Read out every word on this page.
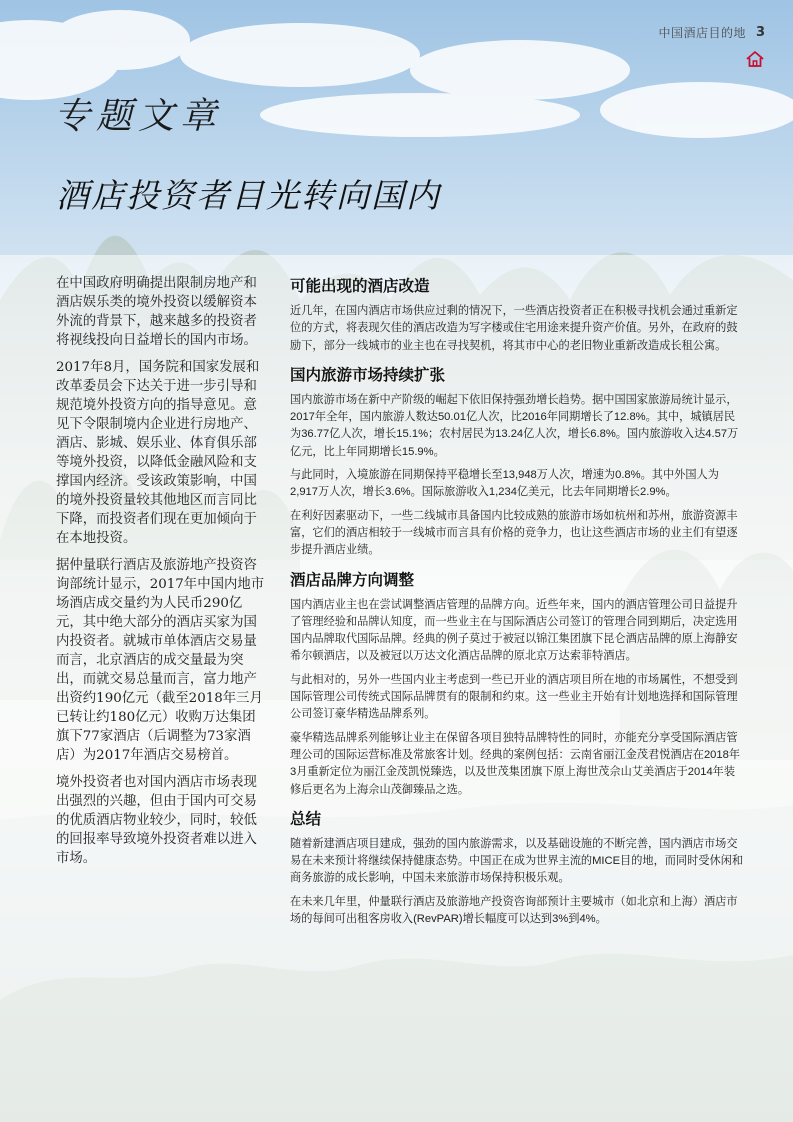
中国酒店目的地 3
专题文章
酒店投资者目光转向国内

在中国政府明确提出限制房地产和酒店娱乐类的境外投资以缓解资本外流的背景下，越来越多的投资者将视线投向日益增长的国内市场。

2017年8月，国务院和国家发展和改革委员会下达关于进一步引导和规范境外投资方向的指导意见。意见下令限制境内企业进行房地产、酒店、影城、娱乐业、体育俱乐部等境外投资，以降低金融风险和支撑国内经济。受该政策影响，中国的境外投资量较其他地区而言同比下降，而投资者们现在更加倾向于在本地投资。

据仲量联行酒店及旅游地产投资咨询部统计显示，2017年中国内地市场酒店成交量约为人民币290亿元，其中绝大部分的酒店买家为国内投资者。就城市单体酒店交易量而言，北京酒店的成交量最为突出，而就交易总量而言，富力地产出资约190亿元（截至2018年三月已转让约180亿元）收购万达集团旗下77家酒店（后调整为73家酒店）为2017年酒店交易榜首。

境外投资者也对国内酒店市场表现出强烈的兴趣，但由于国内可交易的优质酒店物业较少，同时，较低的回报率导致境外投资者难以进入市场。

可能出现的酒店改造

近几年，在国内酒店市场供应过剩的情况下，一些酒店投资者正在积极寻找机会通过重新定位的方式，将表现欠佳的酒店改造为写字楼或住宅用途来提升资产价值。另外，在政府的鼓励下，部分一线城市的业主也在寻找契机，将其市中心的老旧物业重新改造成长租公寓。

国内旅游市场持续扩张

国内旅游市场在新中产阶级的崛起下依旧保持强劲增长趋势。据中国国家旅游局统计显示，2017年全年，国内旅游人数达50.01亿人次，比2016年同期增长了12.8%。其中，城镇居民为36.77亿人次，增长15.1%；农村居民为13.24亿人次，增长6.8%。国内旅游收入达4.57万亿元，比上年同期增长15.9%。

与此同时，入境旅游在同期保持平稳增长至13,948万人次，增速为0.8%。其中外国人为2,917万人次，增长3.6%。国际旅游收入1,234亿美元，比去年同期增长2.9%。

在利好因素驱动下，一些二线城市具备国内比较成熟的旅游市场如杭州和苏州，旅游资源丰富，它们的酒店相较于一线城市而言具有价格的竞争力，也让这些酒店市场的业主们有望逐步提升酒店业绩。

酒店品牌方向调整

国内酒店业主也在尝试调整酒店管理的品牌方向。近些年来，国内的酒店管理公司日益提升了管理经验和品牌认知度，而一些业主在与国际酒店公司签订的管理合同到期后，决定选用国内品牌取代国际品牌。经典的例子莫过于被冠以锦江集团旗下昆仑酒店品牌的原上海静安希尔顿酒店，以及被冠以万达文化酒店品牌的原北京万达索菲特酒店。

与此相对的，另外一些国内业主考虑到一些已开业的酒店项目所在地的市场属性，不想受到国际管理公司传统式国际品牌贯有的限制和约束。这一些业主开始有计划地选择和国际管理公司签订豪华精选品牌系列。

豪华精选品牌系列能够让业主在保留各项目独特品牌特性的同时，亦能充分享受国际酒店管理公司的国际运营标准及常旅客计划。经典的案例包括：云南省丽江金茂君悦酒店在2018年3月重新定位为丽江金茂凯悦臻选，以及世茂集团旗下原上海世茂佘山艾美酒店于2014年装修后更名为上海佘山茂御臻品之选。

总结

随着新建酒店项目建成，强劲的国内旅游需求，以及基础设施的不断完善，国内酒店市场交易在未来预计将继续保持健康态势。中国正在成为世界主流的MICE目的地，而同时受休闲和商务旅游的成长影响，中国未来旅游市场保持积极乐观。

在未来几年里，仲量联行酒店及旅游地产投资咨询部预计主要城市（如北京和上海）酒店市场的每间可出租客房收入(RevPAR)增长幅度可以达到3%到4%。
